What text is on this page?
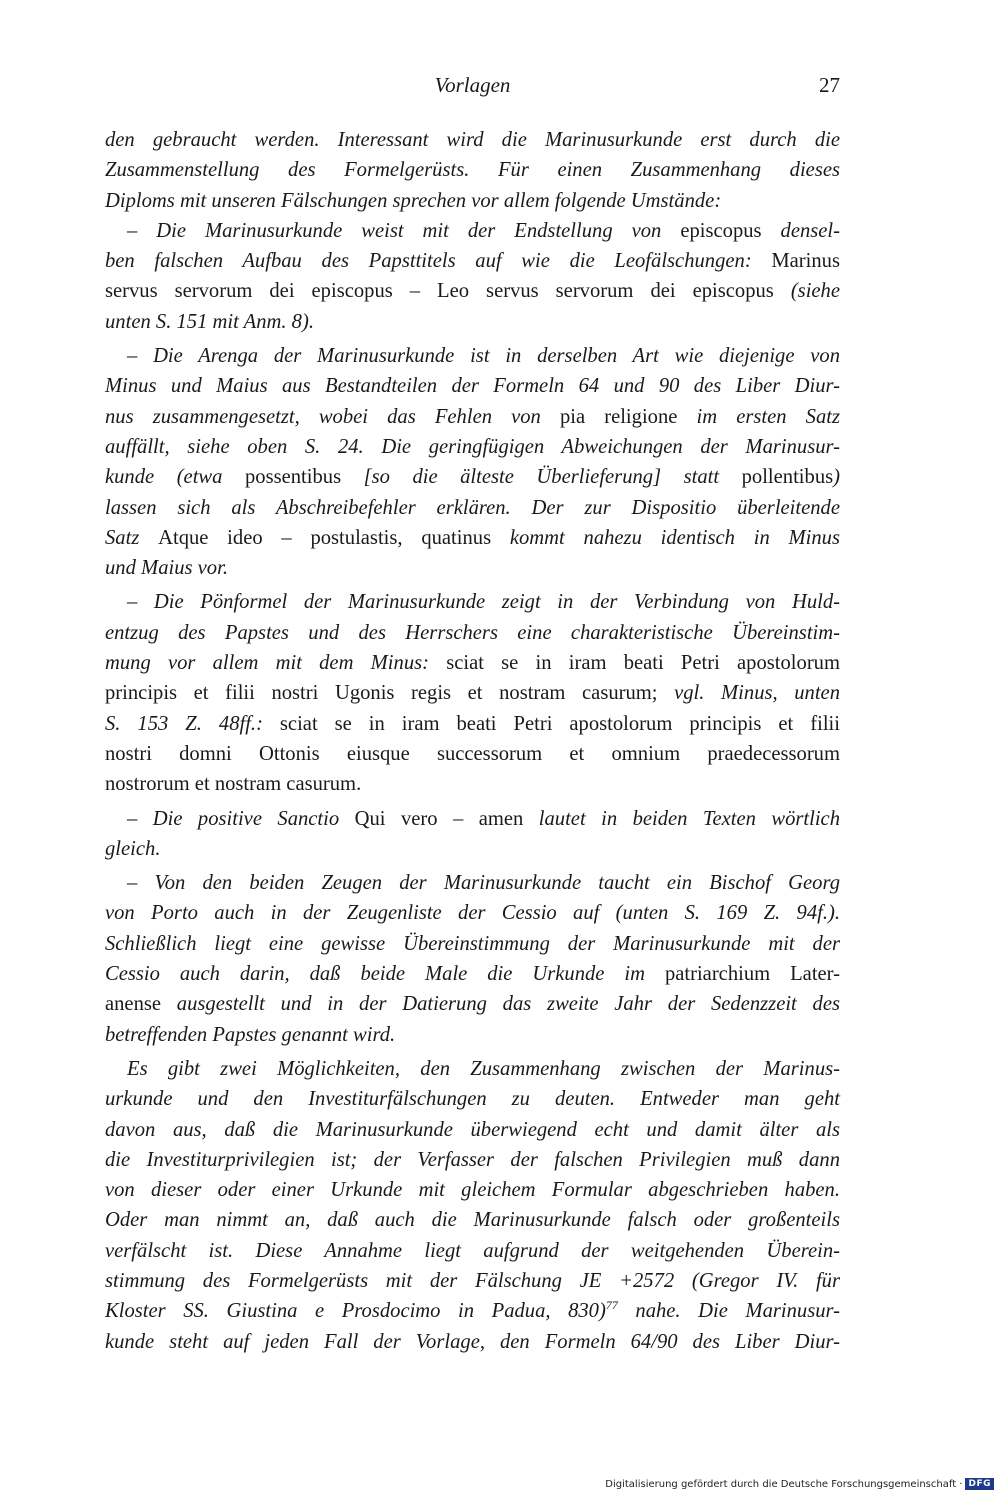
Vorlagen	27
den gebraucht werden. Interessant wird die Marinusurkunde erst durch die
Zusammenstellung des Formelgerüsts. Für einen Zusammenhang dieses
Diploms mit unseren Fälschungen sprechen vor allem folgende Umstände:
– Die Marinusurkunde weist mit der Endstellung von episcopus densel-
ben falschen Aufbau des Papsttitels auf wie die Leofälschungen: Marinus
servus servorum dei episcopus – Leo servus servorum dei episcopus (siehe
unten S. 151 mit Anm. 8).
– Die Arenga der Marinusurkunde ist in derselben Art wie diejenige von
Minus und Maius aus Bestandteilen der Formeln 64 und 90 des Liber Diur-
nus zusammengesetzt, wobei das Fehlen von pia religione im ersten Satz
auffällt, siehe oben S. 24. Die geringfügigen Abweichungen der Marinusur-
kunde (etwa possentibus [so die älteste Überlieferung] statt pollentibus)
lassen sich als Abschreibefehler erklären. Der zur Dispositio überleitende
Satz Atque ideo – postulastis, quatinus kommt nahezu identisch in Minus
und Maius vor.
– Die Pönformel der Marinusurkunde zeigt in der Verbindung von Huld-
entzug des Papstes und des Herrschers eine charakteristische Übereinstim-
mung vor allem mit dem Minus: sciat se in iram beati Petri apostolorum
principis et filii nostri Ugonis regis et nostram casurum; vgl. Minus, unten
S. 153 Z. 48ff.: sciat se in iram beati Petri apostolorum principis et filii
nostri domni Ottonis eiusque successorum et omnium praedecessorum
nostrorum et nostram casurum.
– Die positive Sanctio Qui vero – amen lautet in beiden Texten wörtlich
gleich.
– Von den beiden Zeugen der Marinusurkunde taucht ein Bischof Georg
von Porto auch in der Zeugenliste der Cessio auf (unten S. 169 Z. 94f.).
Schließlich liegt eine gewisse Übereinstimmung der Marinusurkunde mit der
Cessio auch darin, daß beide Male die Urkunde im patriarchium Later-
anense ausgestellt und in der Datierung das zweite Jahr der Sedenzzeit des
betreffenden Papstes genannt wird.
Es gibt zwei Möglichkeiten, den Zusammenhang zwischen der Marinus-
urkunde und den Investiturfälschungen zu deuten. Entweder man geht
davon aus, daß die Marinusurkunde überwiegend echt und damit älter als
die Investiturprivilegien ist; der Verfasser der falschen Privilegien muß dann
von dieser oder einer Urkunde mit gleichem Formular abgeschrieben haben.
Oder man nimmt an, daß auch die Marinusurkunde falsch oder großenteils
verfälscht ist. Diese Annahme liegt aufgrund der weitgehenden Überein-
stimmung des Formelgerüsts mit der Fälschung JE +2572 (Gregor IV. für
Kloster SS. Giustina e Prosdocimo in Padua, 830)$^{77}$ nahe. Die Marinusur-
kunde steht auf jeden Fall der Vorlage, den Formeln 64/90 des Liber Diur-
Digitalisierung gefördert durch die Deutsche Forschungsgemeinschaft · DFG
